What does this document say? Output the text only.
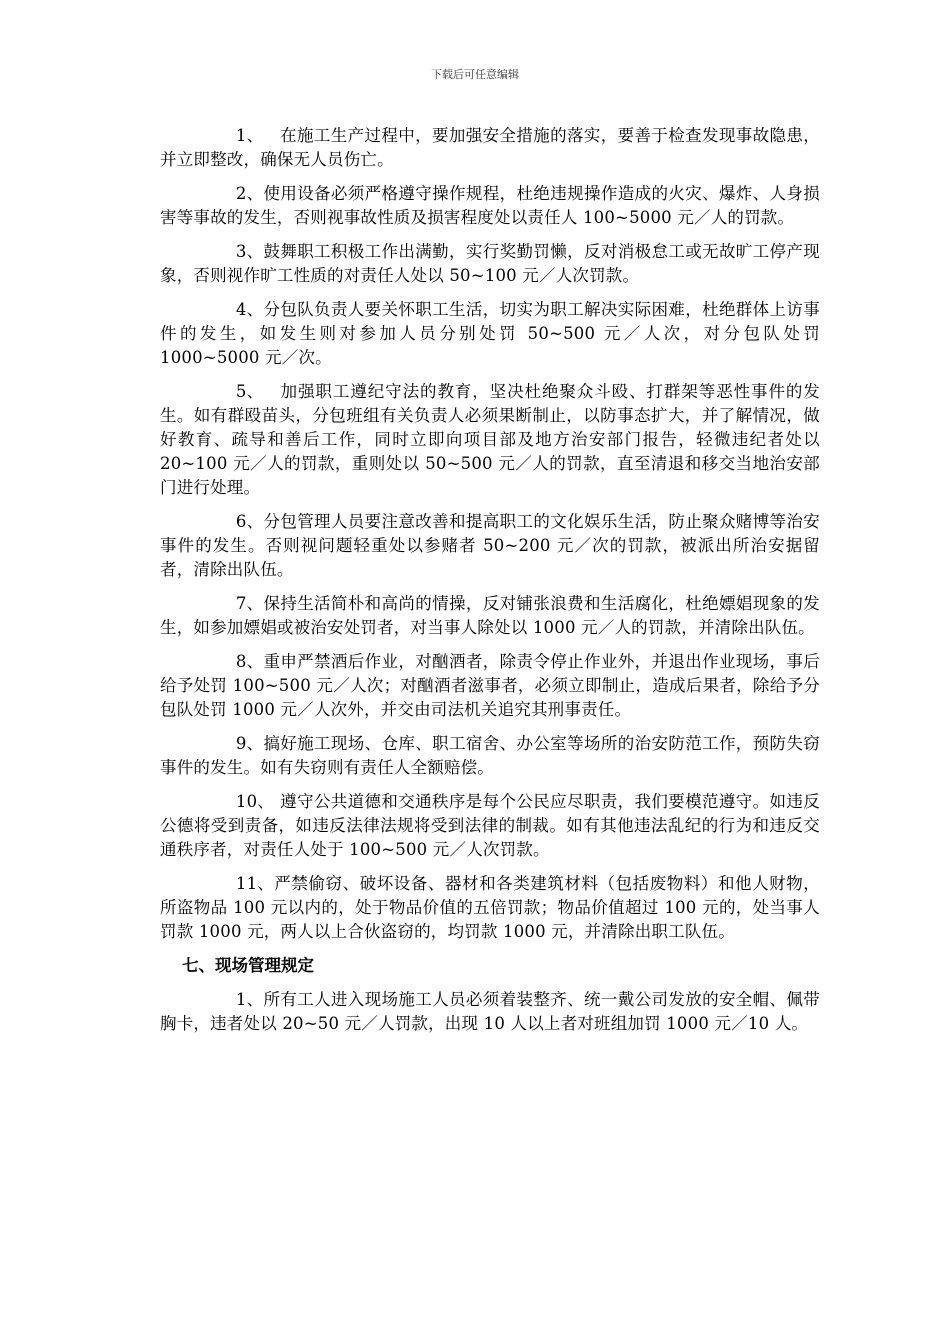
下载后可任意编辑

1、 在施工生产过程中，要加强安全措施的落实，要善于检查发现事故隐患，并立即整改，确保无人员伤亡。

2、使用设备必须严格遵守操作规程，杜绝违规操作造成的火灾、爆炸、人身损害等事故的发生，否则视事故性质及损害程度处以责任人 100~5000 元／人的罚款。

3、鼓舞职工积极工作出满勤，实行奖勤罚懒，反对消极怠工或无故旷工停产现象，否则视作旷工性质的对责任人处以 50~100 元／人次罚款。

4、分包队负责人要关怀职工生活，切实为职工解决实际困难，杜绝群体上访事件的发生，如发生则对参加人员分别处罚 50~500 元／人次，对分包队处罚 1000~5000 元／次。

5、 加强职工遵纪守法的教育，坚决杜绝聚众斗殴、打群架等恶性事件的发生。如有群殴苗头，分包班组有关负责人必须果断制止，以防事态扩大，并了解情况，做好教育、疏导和善后工作，同时立即向项目部及地方治安部门报告，轻微违纪者处以 20~100 元／人的罚款，重则处以 50~500 元／人的罚款，直至清退和移交当地治安部门进行处理。

6、分包管理人员要注意改善和提高职工的文化娱乐生活，防止聚众赌博等治安事件的发生。否则视问题轻重处以参赌者 50~200 元／次的罚款，被派出所治安据留者，清除出队伍。

7、保持生活简朴和高尚的情操，反对铺张浪费和生活腐化，杜绝嫖娼现象的发生，如参加嫖娼或被治安处罚者，对当事人除处以 1000 元／人的罚款，并清除出队伍。

8、重申严禁酒后作业，对酗酒者，除责令停止作业外，并退出作业现场，事后给予处罚 100~500 元／人次；对酗酒者滋事者，必须立即制止，造成后果者，除给予分包队处罚 1000 元／人次外，并交由司法机关追究其刑事责任。

9、搞好施工现场、仓库、职工宿舍、办公室等场所的治安防范工作，预防失窃事件的发生。如有失窃则有责任人全额赔偿。

10、 遵守公共道德和交通秩序是每个公民应尽职责，我们要模范遵守。如违反公德将受到责备，如违反法律法规将受到法律的制裁。如有其他违法乱纪的行为和违反交通秩序者，对责任人处于 100~500 元／人次罚款。

11、严禁偷窃、破坏设备、器材和各类建筑材料（包括废物料）和他人财物，所盗物品 100 元以内的，处于物品价值的五倍罚款；物品价值超过 100 元的，处当事人罚款 1000 元，两人以上合伙盗窃的，均罚款 1000 元，并清除出职工队伍。

七、现场管理规定

1、所有工人进入现场施工人员必须着装整齐、统一戴公司发放的安全帽、佩带胸卡，违者处以 20~50 元／人罚款，出现 10 人以上者对班组加罚 1000 元／10 人。
